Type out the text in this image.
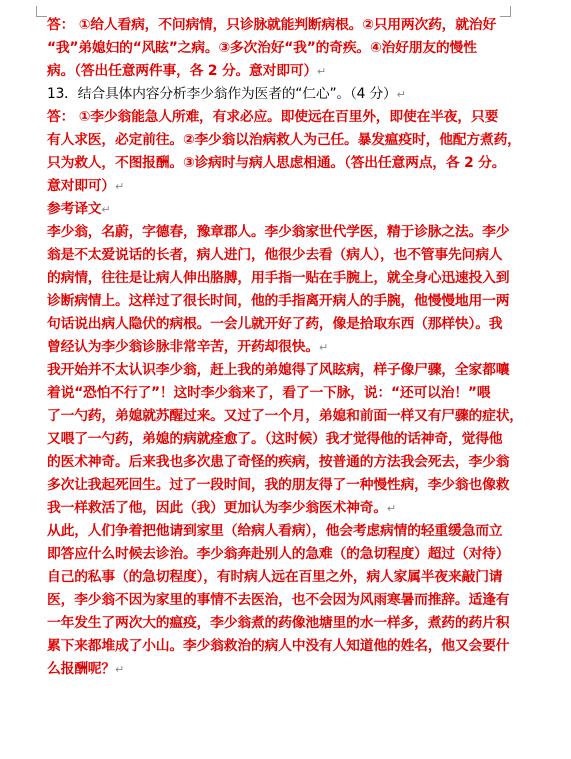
答： ①给人看病，不问病情，只诊脉就能判断病根。②只用两次药，就治好
“我”弟媳妇的“风眩”之病。③多次治好“我”的奇疾。④治好朋友的慢性
病。（答出任意两件事，各 2 分。意对即可）↵
13．结合具体内容分析李少翁作为医者的“仁心”。（4 分）↵
答： ①李少翁能急人所难，有求必应。即使远在百里外，即使在半夜，只要
有人求医，必定前往。②李少翁以治病救人为己任。暴发瘟疫时，他配方煮药，
只为救人，不图报酬。③诊病时与病人思虑相通。（答出任意两点，各 2 分。
意对即可）↵
参考译文↵
李少翁，名蔚，字德春，豫章郡人。李少翁家世代学医，精于诊脉之法。李少
翁是不太爱说话的长者，病人进门，他很少去看（病人），也不管事先问病人
的病情，往往是让病人伸出胳膊，用手指一贴在手腕上，就全身心迅速投入到
诊断病情上。这样过了很长时间，他的手指离开病人的手腕，他慢慢地用一两
句话说出病人隐伏的病根。一会儿就开好了药，像是拾取东西（那样快）。我
曾经认为李少翁诊脉非常辛苦，开药却很快。↵
我开始并不太认识李少翁，赶上我的弟媳得了风眩病，样子像尸骤，全家都嚷
着说“恐怕不行了”！这时李少翁来了，看了一下脉，说：“还可以治！”喂
了一勺药，弟媳就苏醒过来。又过了一个月，弟媳和前面一样又有尸骤的症状，
又喂了一勺药，弟媳的病就痊愈了。（这时候）我才觉得他的话神奇，觉得他
的医术神奇。后来我也多次患了奇怪的疾病，按普通的方法我会死去，李少翁
多次让我起死回生。过了一段时间，我的朋友得了一种慢性病，李少翁也像救
我一样救活了他，因此（我）更加认为李少翁医术神奇。↵
从此，人们争着把他请到家里（给病人看病），他会考虑病情的轻重缓急而立
即答应什么时候去诊治。李少翁奔赴别人的急难（的急切程度）超过（对待）
自己的私事（的急切程度），有时病人远在百里之外，病人家属半夜来敲门请
医，李少翁不因为家里的事情不去医治，也不会因为风雨寒暑而推辞。适逢有
一年发生了两次大的瘟疫，李少翁煮的药像池塘里的水一样多，煮药的药片积
累下来都堆成了小山。李少翁救治的病人中没有人知道他的姓名，他又会要什
么报酬呢？↵
